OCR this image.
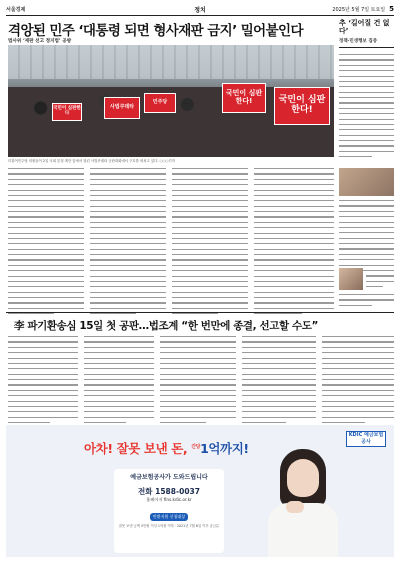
서울경제	정치	2025년 5월 7일 토요일 5
격앙된 민주 ‘대통령 되면 형사재판 금지’ 밀어붙인다
법사위 ‘재판 선고 정지법’ 공방
국민이 심판한다
사법쿠데타
민주당
국민이 심판한다!	국민이 심판한다!
더불어민주당 의원들이 2일 국회 본청 계단 앞에서 열린 사법쿠데타 규탄대회에서 구호를 외치고 있다. ○○○기자
추 ‘길어질 건 없다’
정책·민생행보 집중
李 파기환송심 15일 첫 공판…법조계 “한 번만에 종결, 선고할 수도”
KDIC 예금보험공사
아차! 잘못 보낸 돈, $^{간당}$1억까지!
예금보험공사가 도와드립니다
전화 1588-0037
홈페이지 fins.kdic.or.kr
반환지원 신청대상
잘못 보낸 금액 5만원 이상 1억원 이하 · 2021년 7월 6일 이후 송금분
